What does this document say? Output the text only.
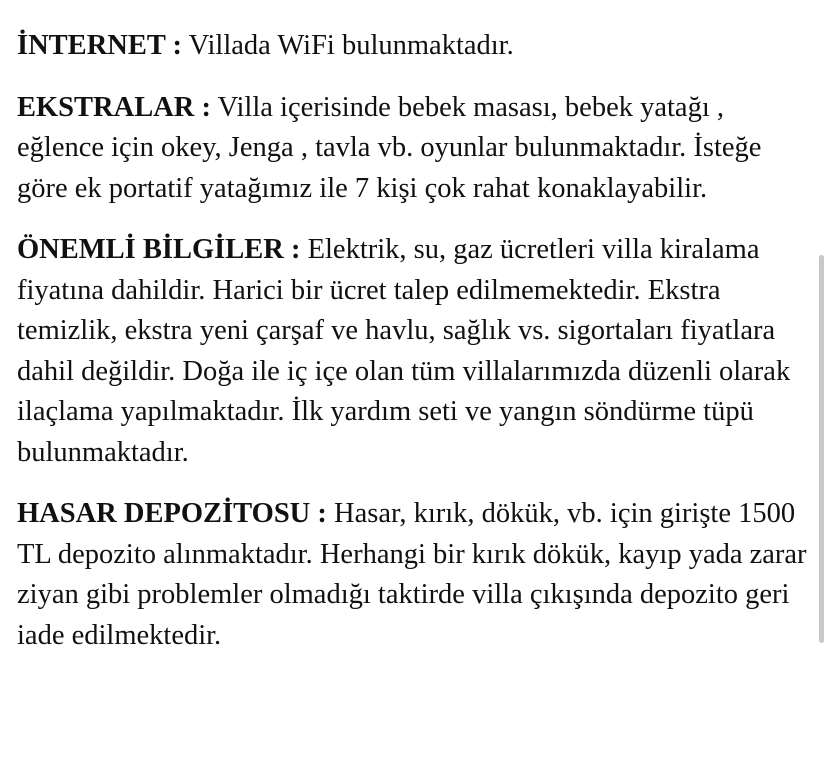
İNTERNET : Villada WiFi bulunmaktadır.

EKSTRALAR : Villa içerisinde bebek masası, bebek yatağı , eğlence için okey, Jenga , tavla vb. oyunlar bulunmaktadır. İsteğe göre ek portatif yatağımız ile 7 kişi çok rahat konaklayabilir.

ÖNEMLİ BİLGİLER : Elektrik, su, gaz ücretleri villa kiralama fiyatına dahildir. Harici bir ücret talep edilmemektedir. Ekstra temizlik, ekstra yeni çarşaf ve havlu, sağlık vs. sigortaları fiyatlara dahil değildir. Doğa ile iç içe olan tüm villalarımızda düzenli olarak ilaçlama yapılmaktadır. İlk yardım seti ve yangın söndürme tüpü bulunmaktadır.

HASAR DEPOZİTOSU : Hasar, kırık, dökük, vb. için girişte 1500 TL depozito alınmaktadır. Herhangi bir kırık dökük, kayıp yada zarar ziyan gibi problemler olmadığı taktirde villa çıkışında depozito geri iade edilmektedir.
